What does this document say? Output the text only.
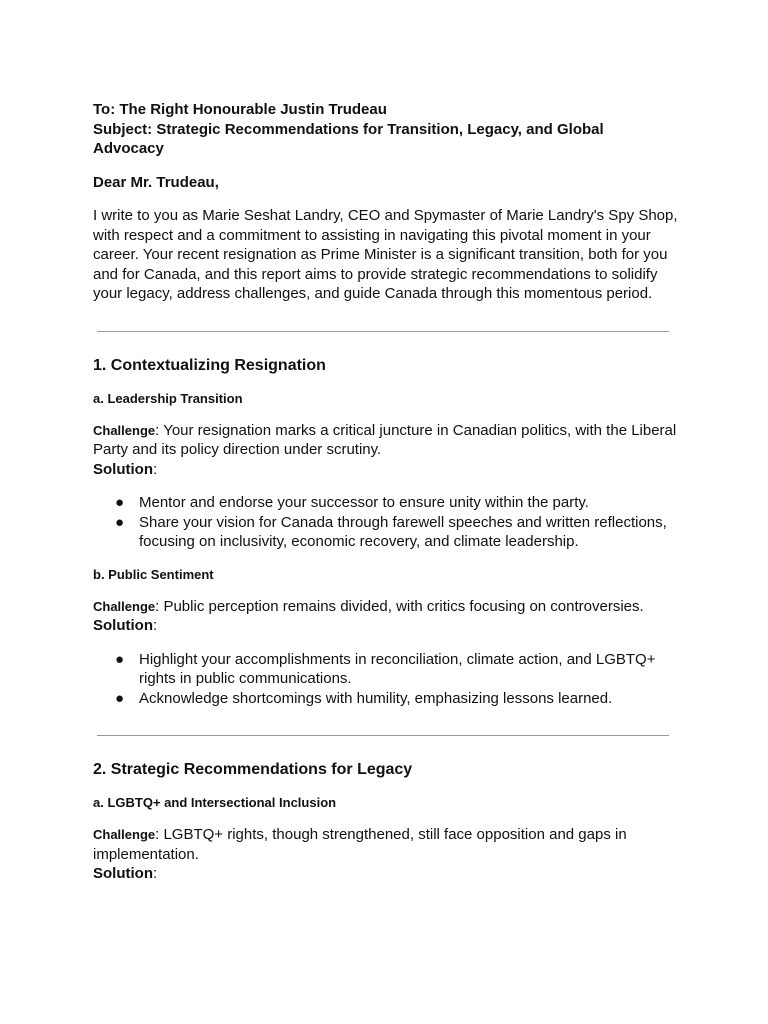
To: The Right Honourable Justin Trudeau

Subject: Strategic Recommendations for Transition, Legacy, and Global Advocacy

Dear Mr. Trudeau,

I write to you as Marie Seshat Landry, CEO and Spymaster of Marie Landry's Spy Shop, with respect and a commitment to assisting in navigating this pivotal moment in your career. Your recent resignation as Prime Minister is a significant transition, both for you and for Canada, and this report aims to provide strategic recommendations to solidify your legacy, address challenges, and guide Canada through this momentous period.

1. Contextualizing Resignation
a. Leadership Transition

Challenge: Your resignation marks a critical juncture in Canadian politics, with the Liberal Party and its policy direction under scrutiny.

Solution:

● Mentor and endorse your successor to ensure unity within the party.
● Share your vision for Canada through farewell speeches and written reflections, focusing on inclusivity, economic recovery, and climate leadership.
b. Public Sentiment

Challenge: Public perception remains divided, with critics focusing on controversies.

Solution:

● Highlight your accomplishments in reconciliation, climate action, and LGBTQ+ rights in public communications.
● Acknowledge shortcomings with humility, emphasizing lessons learned.
2. Strategic Recommendations for Legacy
a. LGBTQ+ and Intersectional Inclusion

Challenge: LGBTQ+ rights, though strengthened, still face opposition and gaps in implementation.

Solution:
